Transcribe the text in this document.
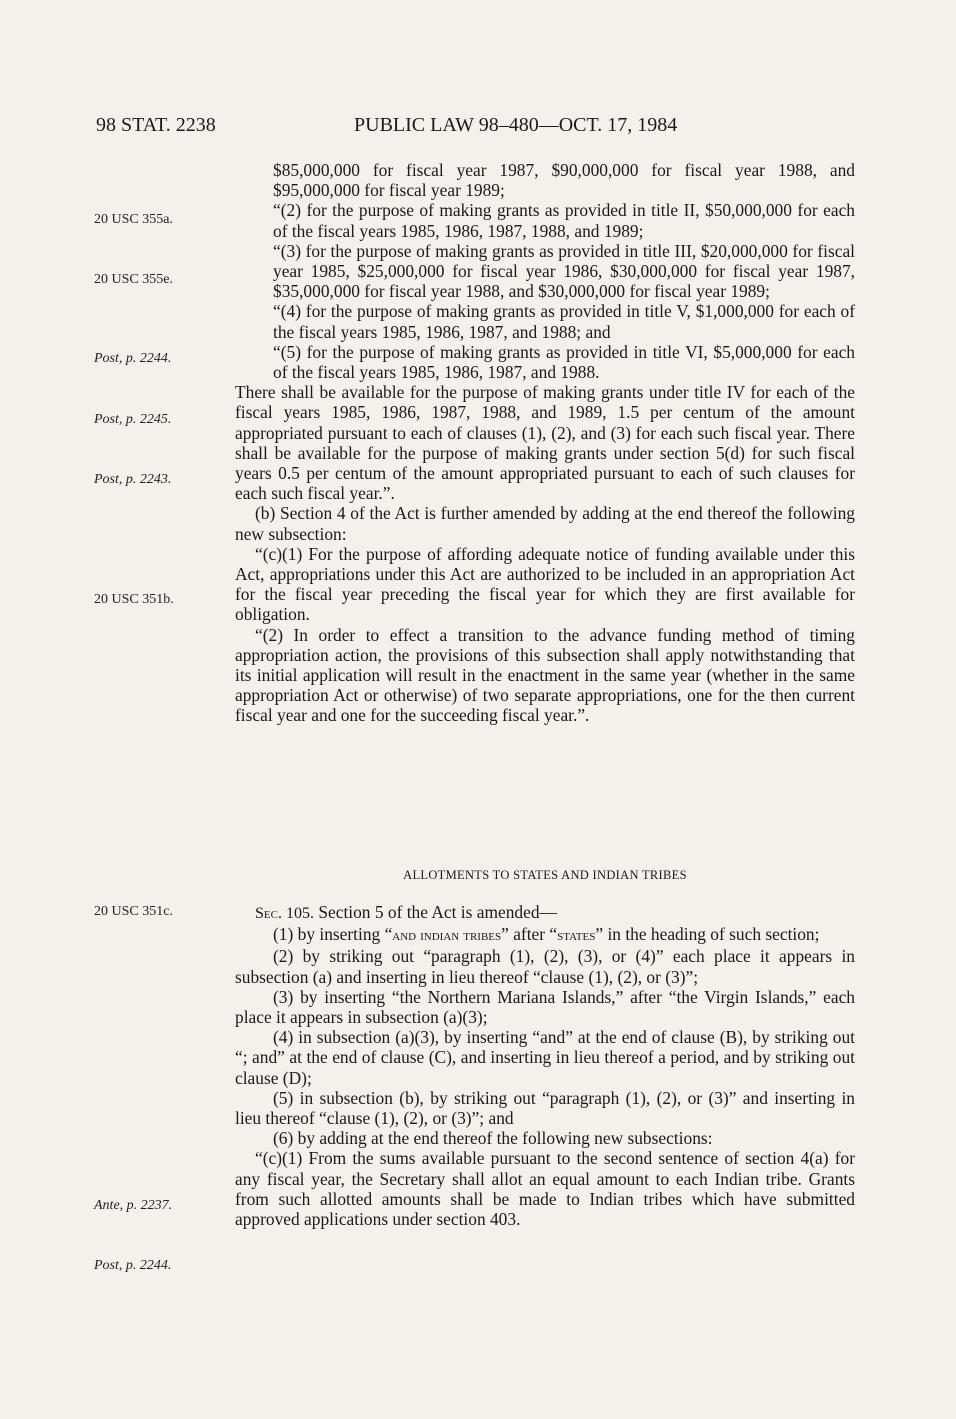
98 STAT. 2238	PUBLIC LAW 98–480—OCT. 17, 1984
20 USC 355a.
20 USC 355e.
Post, p. 2244.
Post, p. 2245.
Post, p. 2243.
20 USC 351b.
20 USC 351c.
Ante, p. 2237.
Post, p. 2244.

$85,000,000 for fiscal year 1987, $90,000,000 for fiscal year 1988, and $95,000,000 for fiscal year 1989;

“(2) for the purpose of making grants as provided in title II, $50,000,000 for each of the fiscal years 1985, 1986, 1987, 1988, and 1989;

“(3) for the purpose of making grants as provided in title III, $20,000,000 for fiscal year 1985, $25,000,000 for fiscal year 1986, $30,000,000 for fiscal year 1987, $35,000,000 for fiscal year 1988, and $30,000,000 for fiscal year 1989;

“(4) for the purpose of making grants as provided in title V, $1,000,000 for each of the fiscal years 1985, 1986, 1987, and 1988; and

“(5) for the purpose of making grants as provided in title VI, $5,000,000 for each of the fiscal years 1985, 1986, 1987, and 1988.

There shall be available for the purpose of making grants under title IV for each of the fiscal years 1985, 1986, 1987, 1988, and 1989, 1.5 per centum of the amount appropriated pursuant to each of clauses (1), (2), and (3) for each such fiscal year. There shall be available for the purpose of making grants under section 5(d) for such fiscal years 0.5 per centum of the amount appropriated pursuant to each of such clauses for each such fiscal year.”.

(b) Section 4 of the Act is further amended by adding at the end thereof the following new subsection:

“(c)(1) For the purpose of affording adequate notice of funding available under this Act, appropriations under this Act are authorized to be included in an appropriation Act for the fiscal year preceding the fiscal year for which they are first available for obligation.

“(2) In order to effect a transition to the advance funding method of timing appropriation action, the provisions of this subsection shall apply notwithstanding that its initial application will result in the enactment in the same year (whether in the same appropriation Act or otherwise) of two separate appropriations, one for the then current fiscal year and one for the succeeding fiscal year.”.

ALLOTMENTS TO STATES AND INDIAN TRIBES

Sec. 105. Section 5 of the Act is amended—

(1) by inserting “and indian tribes” after “states” in the heading of such section;

(2) by striking out “paragraph (1), (2), (3), or (4)” each place it appears in subsection (a) and inserting in lieu thereof “clause (1), (2), or (3)”;

(3) by inserting “the Northern Mariana Islands,” after “the Virgin Islands,” each place it appears in subsection (a)(3);

(4) in subsection (a)(3), by inserting “and” at the end of clause (B), by striking out “; and” at the end of clause (C), and inserting in lieu thereof a period, and by striking out clause (D);

(5) in subsection (b), by striking out “paragraph (1), (2), or (3)” and inserting in lieu thereof “clause (1), (2), or (3)”; and

(6) by adding at the end thereof the following new subsections:

“(c)(1) From the sums available pursuant to the second sentence of section 4(a) for any fiscal year, the Secretary shall allot an equal amount to each Indian tribe. Grants from such allotted amounts shall be made to Indian tribes which have submitted approved applications under section 403.
